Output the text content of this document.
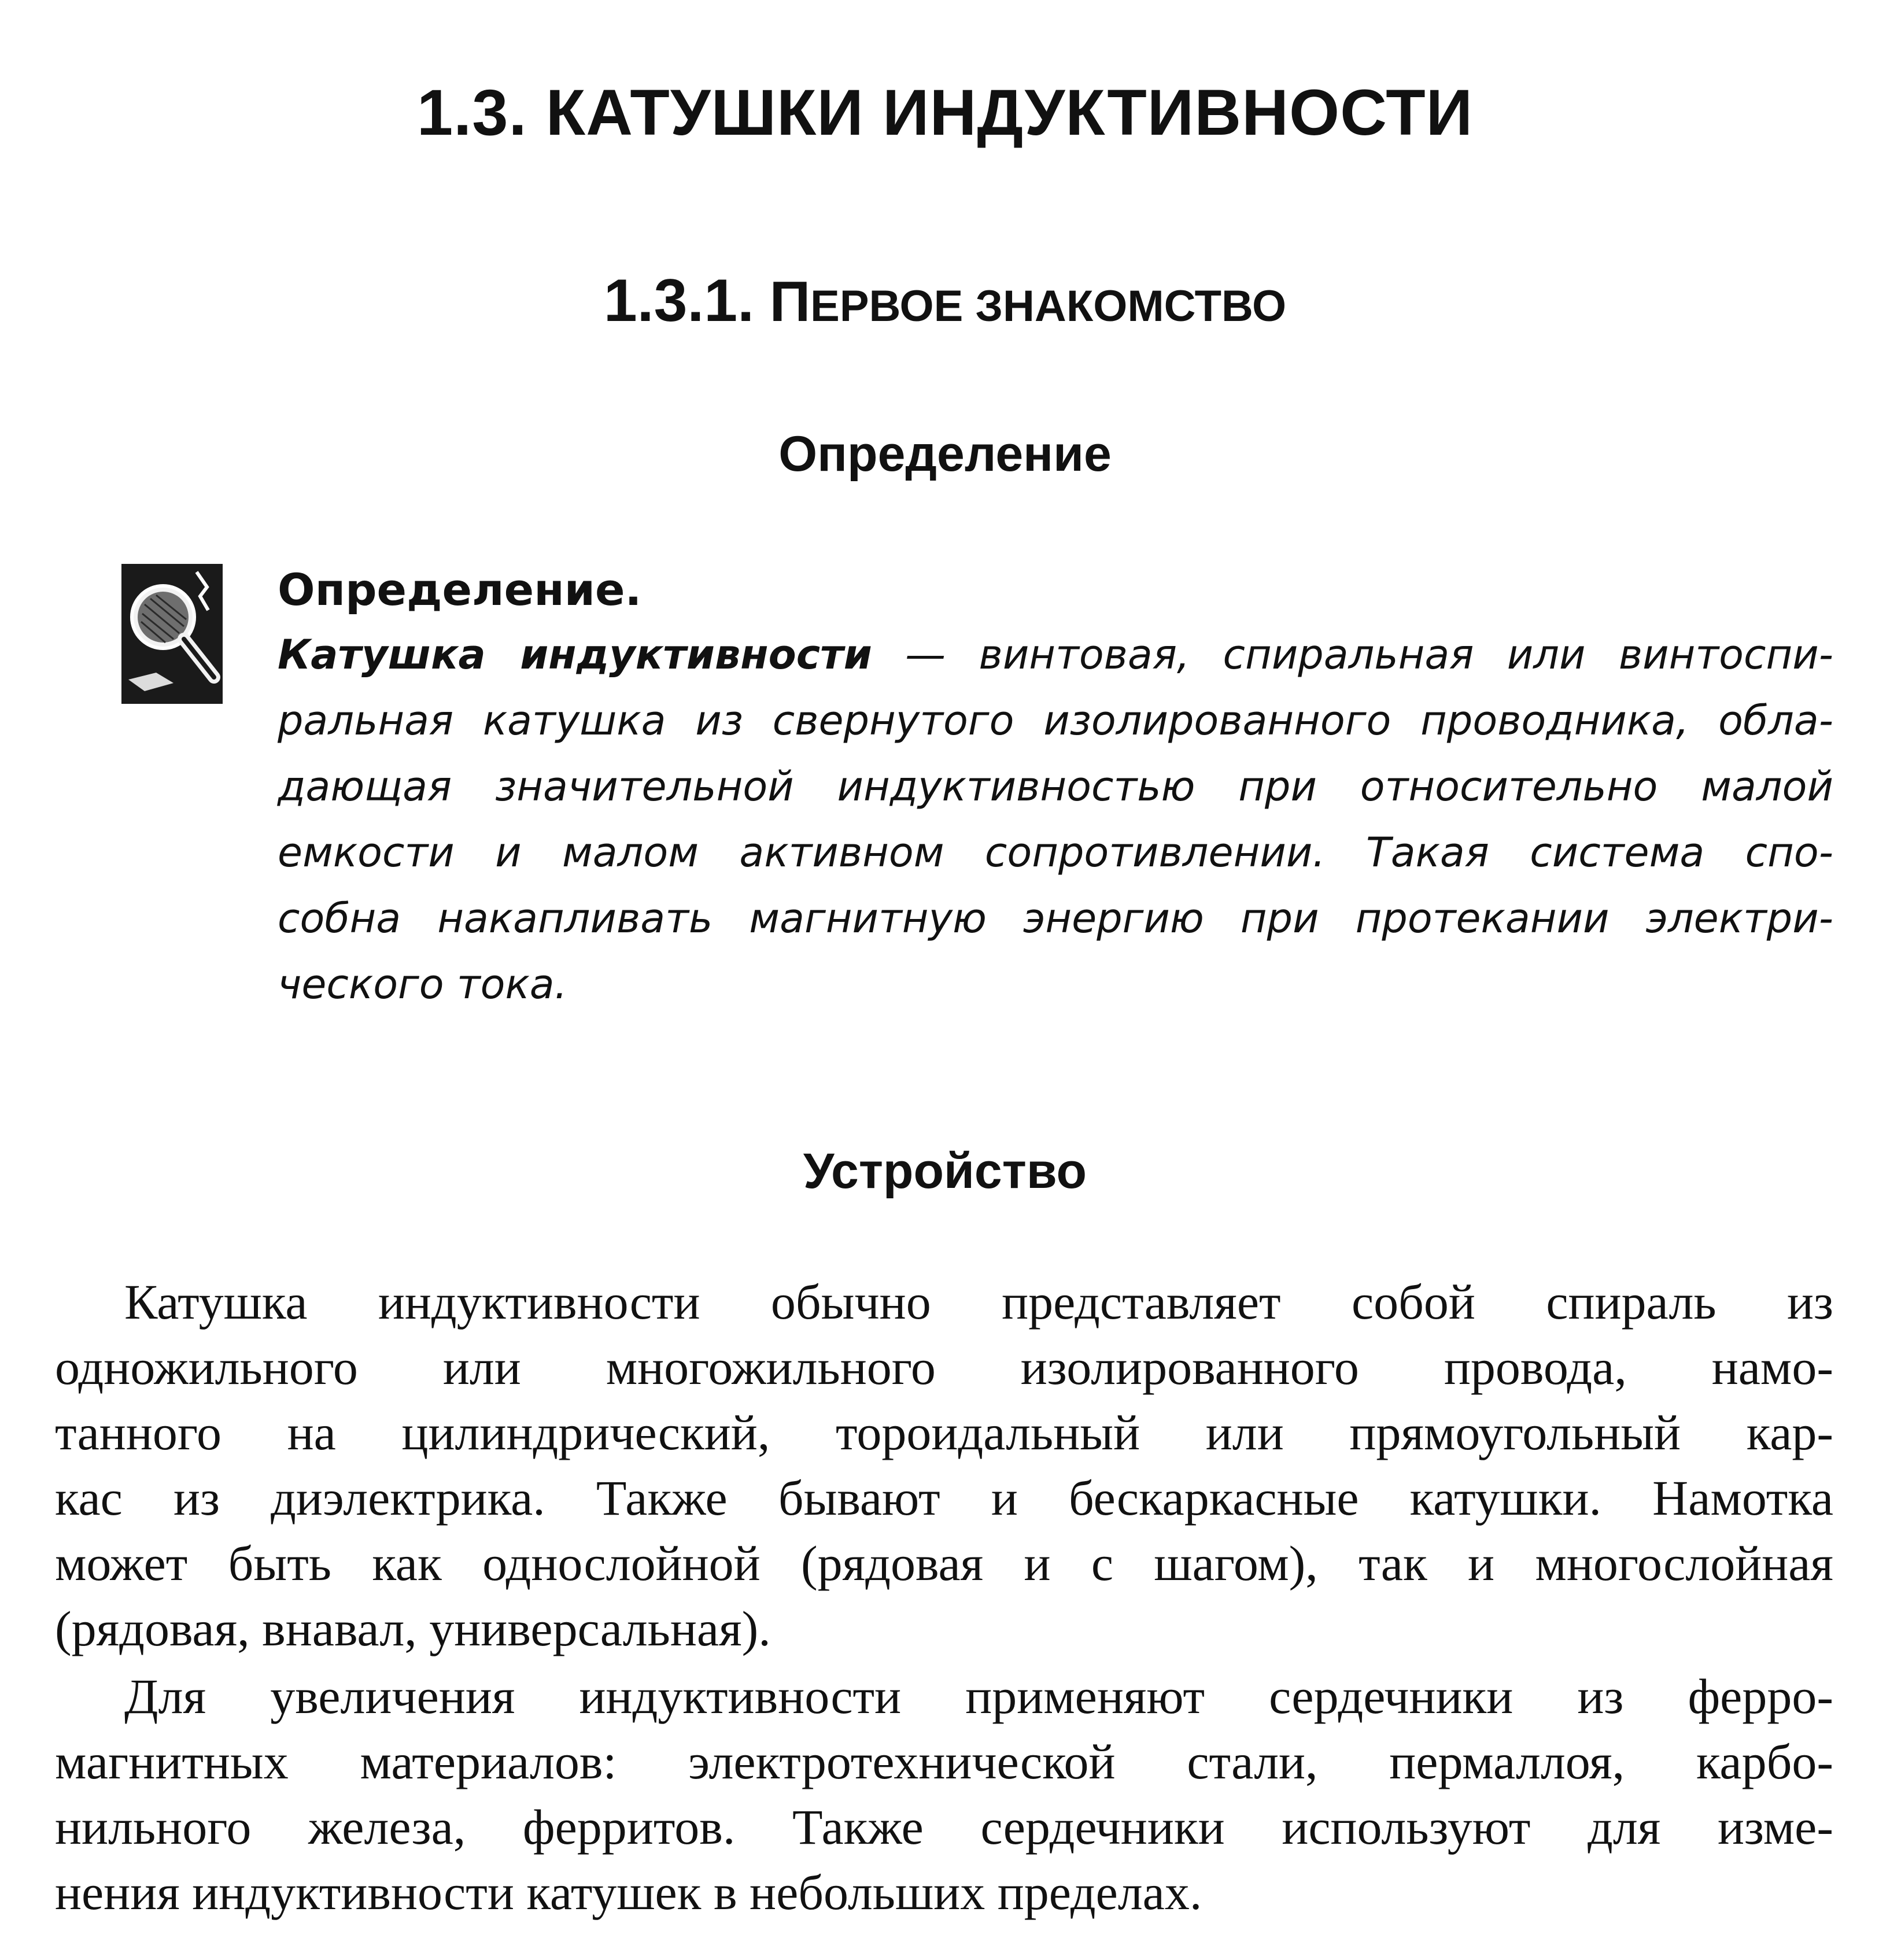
1.3. КАТУШКИ ИНДУКТИВНОСТИ
1.3.1. ПЕРВОЕ ЗНАКОМСТВО
Определение

Определение.

Катушка индуктивности — винтовая, спиральная или винтоспи-
ральная катушка из свернутого изолированного проводника, обла-
дающая значительной индуктивностью при относительно малой
емкости и малом активном сопротивлении. Такая система спо-
собна накапливать магнитную энергию при протекании электри-
ческого тока.

Устройство
Катушка индуктивности обычно представляет собой спираль из
одножильного или многожильного изолированного провода, намо-
танного на цилиндрический, тороидальный или прямоугольный кар-
кас из диэлектрика. Также бывают и бескаркасные катушки. Намотка
может быть как однослойной (рядовая и с шагом), так и многослойная
(рядовая, внавал, универсальная).
Для увеличения индуктивности применяют сердечники из ферро-
магнитных материалов: электротехнической стали, пермаллоя, карбо-
нильного железа, ферритов. Также сердечники используют для изме-
нения индуктивности катушек в небольших пределах.
